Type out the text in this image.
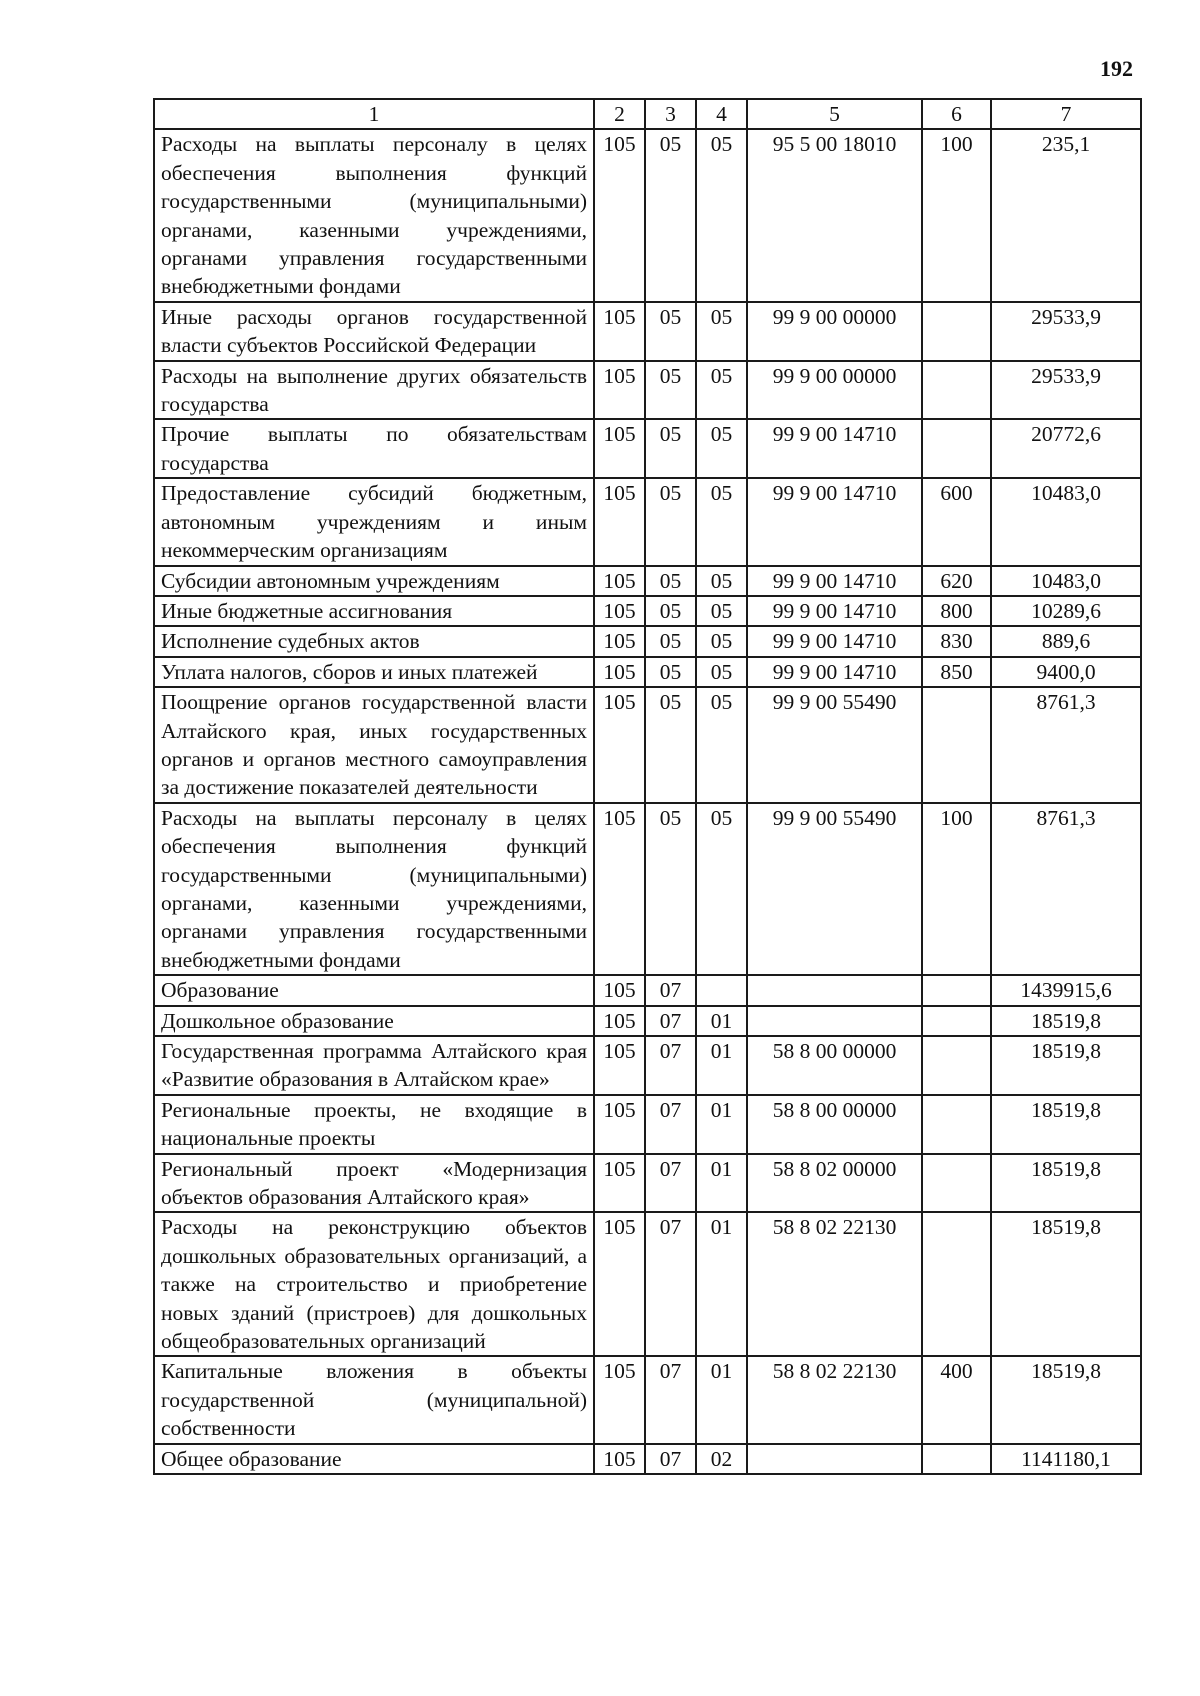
192
1	2	3	4	5	6	7
Расходы на выплаты персоналу в целях обеспечения выполнения функций государственными (муниципальными) органами, казенными учреждениями, органами управления государственными внебюджетными фондами	105	05	05	95 5 00 18010	100	235,1
Иные расходы органов государственной власти субъектов Российской Федерации	105	05	05	99 9 00 00000		29533,9
Расходы на выполнение других обязательств государства	105	05	05	99 9 00 00000		29533,9
Прочие выплаты по обязательствам государства	105	05	05	99 9 00 14710		20772,6
Предоставление субсидий бюджетным, автономным учреждениям и иным некоммерческим организациям	105	05	05	99 9 00 14710	600	10483,0
Субсидии автономным учреждениям	105	05	05	99 9 00 14710	620	10483,0
Иные бюджетные ассигнования	105	05	05	99 9 00 14710	800	10289,6
Исполнение судебных актов	105	05	05	99 9 00 14710	830	889,6
Уплата налогов, сборов и иных платежей	105	05	05	99 9 00 14710	850	9400,0
Поощрение органов государственной власти Алтайского края, иных государственных органов и органов местного самоуправления за достижение показателей деятельности	105	05	05	99 9 00 55490		8761,3
Расходы на выплаты персоналу в целях обеспечения выполнения функций государственными (муниципальными) органами, казенными учреждениями, органами управления государственными внебюджетными фондами	105	05	05	99 9 00 55490	100	8761,3
Образование	105	07				1439915,6
Дошкольное образование	105	07	01			18519,8
Государственная программа Алтайского края «Развитие образования в Алтайском крае»	105	07	01	58 8 00 00000		18519,8
Региональные проекты, не входящие в национальные проекты	105	07	01	58 8 00 00000		18519,8
Региональный проект «Модернизация объектов образования Алтайского края»	105	07	01	58 8 02 00000		18519,8
Расходы на реконструкцию объектов дошкольных образовательных организаций, а также на строительство и приобретение новых зданий (пристроев) для дошкольных общеобразовательных организаций	105	07	01	58 8 02 22130		18519,8
Капитальные вложения в объекты государственной (муниципальной) собственности	105	07	01	58 8 02 22130	400	18519,8
Общее образование	105	07	02			1141180,1
